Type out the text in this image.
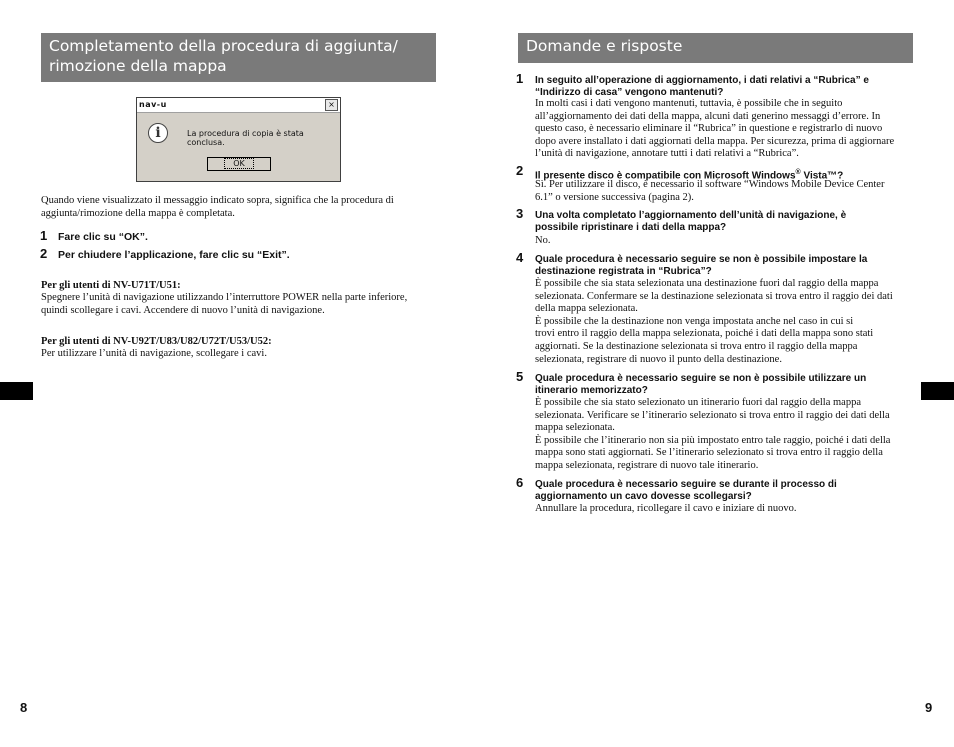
Completamento della procedura di aggiunta/
rimozione della mappa
nav-u	×
i	La procedura di copia è stata conclusa.
OK

Quando viene visualizzato il messaggio indicato sopra, significa che la procedura di aggiunta/rimozione della mappa è completata.

1 Fare clic su “OK”.
2 Per chiudere l’applicazione, fare clic su “Exit”.
Per gli utenti di NV-U71T/U51:

Spegnere l’unità di navigazione utilizzando l’interruttore POWER nella parte inferiore, quindi scollegare i cavi. Accendere di nuovo l’unità di navigazione.

Per gli utenti di NV-U92T/U83/U82/U72T/U53/U52:

Per utilizzare l’unità di navigazione, scollegare i cavi.

8
Domande e risposte
1 In seguito all’operazione di aggiornamento, i dati relativi a “Rubrica” e
“Indirizzo di casa” vengono mantenuti?
In molti casi i dati vengono mantenuti, tuttavia, è possibile che in seguito
all’aggiornamento dei dati della mappa, alcuni dati generino messaggi d’errore. In
questo caso, è necessario eliminare il “Rubrica” in questione e registrarlo di nuovo
dopo avere installato i dati aggiornati della mappa. Per sicurezza, prima di aggiornare
l’unità di navigazione, annotare tutti i dati relativi a “Rubrica”.
2 Il presente disco è compatibile con Microsoft Windows® Vista™?
Sì. Per utilizzare il disco, è necessario il software “Windows Mobile Device Center
6.1” o versione successiva (pagina 2).
3 Una volta completato l’aggiornamento dell’unità di navigazione, è
possibile ripristinare i dati della mappa?
No.
4 Quale procedura è necessario seguire se non è possibile impostare la
destinazione registrata in “Rubrica”?
È possibile che sia stata selezionata una destinazione fuori dal raggio della mappa
selezionata. Confermare se la destinazione selezionata si trova entro il raggio dei dati
della mappa selezionata.
È possibile che la destinazione non venga impostata anche nel caso in cui si
trovi entro il raggio della mappa selezionata, poiché i dati della mappa sono stati
aggiornati. Se la destinazione selezionata si trova entro il raggio della mappa
selezionata, registrare di nuovo il punto della destinazione.
5 Quale procedura è necessario seguire se non è possibile utilizzare un
itinerario memorizzato?
È possibile che sia stato selezionato un itinerario fuori dal raggio della mappa
selezionata. Verificare se l’itinerario selezionato si trova entro il raggio dei dati della
mappa selezionata.
È possibile che l’itinerario non sia più impostato entro tale raggio, poiché i dati della
mappa sono stati aggiornati. Se l’itinerario selezionato si trova entro il raggio della
mappa selezionata, registrare di nuovo tale itinerario.
6 Quale procedura è necessario seguire se durante il processo di
aggiornamento un cavo dovesse scollegarsi?
Annullare la procedura, ricollegare il cavo e iniziare di nuovo.
9
